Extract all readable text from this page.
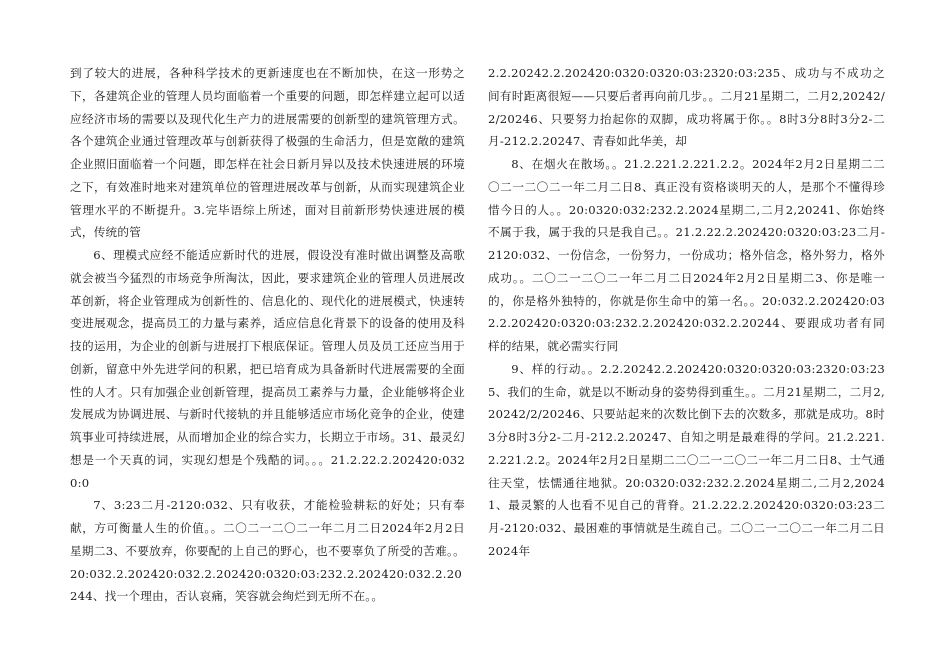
到了较大的进展，各种科学技术的更新速度也在不断加快，在这一形势之下，各建筑企业的管理人员均面临着一个重要的问题，即怎样建立起可以适应经济市场的需要以及现代化生产力的进展需要的创新型的建筑管理方式。各个建筑企业通过管理改革与创新获得了极强的生命活力，但是宽敞的建筑企业照旧面临着一个问题，即怎样在社会日新月异以及技术快速进展的环境之下，有效准时地来对建筑单位的管理进展改革与创新，从而实现建筑企业管理水平的不断提升。3.完毕语综上所述，面对目前新形势快速进展的模式，传统的管

6、理模式应经不能适应新时代的进展，假设没有准时做出调整及高歌就会被当今猛烈的市场竞争所淘汰，因此，要求建筑企业的管理人员进展改革创新，将企业管理成为创新性的、信息化的、现代化的进展模式，快速转变进展观念，提高员工的力量与素养，适应信息化背景下的设备的使用及科技的运用，为企业的创新与进展打下根底保证。管理人员及员工还应当用于创新，留意中外先进学问的积累，把已培育成为具备新时代进展需要的全面性的人才。只有加强企业创新管理，提高员工素养与力量，企业能够将企业发展成为协调进展、与新时代接轨的并且能够适应市场化竞争的企业，使建筑事业可持续进展，从而增加企业的综合实力，长期立于市场。31、最灵幻想是一个天真的词，实现幻想是个残酷的词。。。21.2.22.2.202420:0320:0

7、3:23二月-2120:032、只有收获，才能检验耕耘的好处；只有奉献，方可衡量人生的价值。。二〇二一二〇二一年二月二日2024年2月2日星期二3、不要放弃，你要配的上自己的野心，也不要辜负了所受的苦难。。20:032.2.202420:032.2.202420:0320:03:232.2.202420:032.2.20244、找一个理由，否认哀痛，笑容就会绚烂到无所不在。。

2.2.20242.2.202420:0320:0320:03:2320:03:235、成功与不成功之间有时距离很短——只要后者再向前几步。。二月21星期二，二月2,20242/2/20246、只要努力抬起你的双脚，成功将属于你。。8时3分8时3分2-二月-212.2.20247、青春如此华美，却

8、在烟火在散场。。21.2.221.2.221.2.2。2024年2月2日星期二二〇二一二〇二一年二月二日8、真正没有资格谈明天的人，是那个不懂得珍惜今日的人。。20:0320:032:232.2.2024星期二,二月2,20241、你始终不属于我，属于我的只是我自己。。21.2.22.2.202420:0320:03:23二月-2120:032、一份信念，一份努力，一份成功；格外信念，格外努力，格外成功。。二〇二一二〇二一年二月二日2024年2月2日星期二3、你是唯一的，你是格外独特的，你就是你生命中的第一名。。20:032.2.202420:032.2.202420:0320:03:232.2.202420:032.2.20244、要跟成功者有同样的结果，就必需实行同

9、样的行动。。2.2.20242.2.202420:0320:0320:03:2320:03:235、我们的生命，就是以不断动身的姿势得到重生。。二月21星期二，二月2,20242/2/20246、只要站起来的次数比倒下去的次数多，那就是成功。8时3分8时3分2-二月-212.2.20247、自知之明是最难得的学问。21.2.221.2.221.2.2。2024年2月2日星期二二〇二一二〇二一年二月二日8、士气通往天堂，怯懦通往地狱。20:0320:032:232.2.2024星期二,二月2,20241、最灵繁的人也看不见自己的背脊。21.2.22.2.202420:0320:03:23二月-2120:032、最困难的事情就是生疏自己。二〇二一二〇二一年二月二日2024年
